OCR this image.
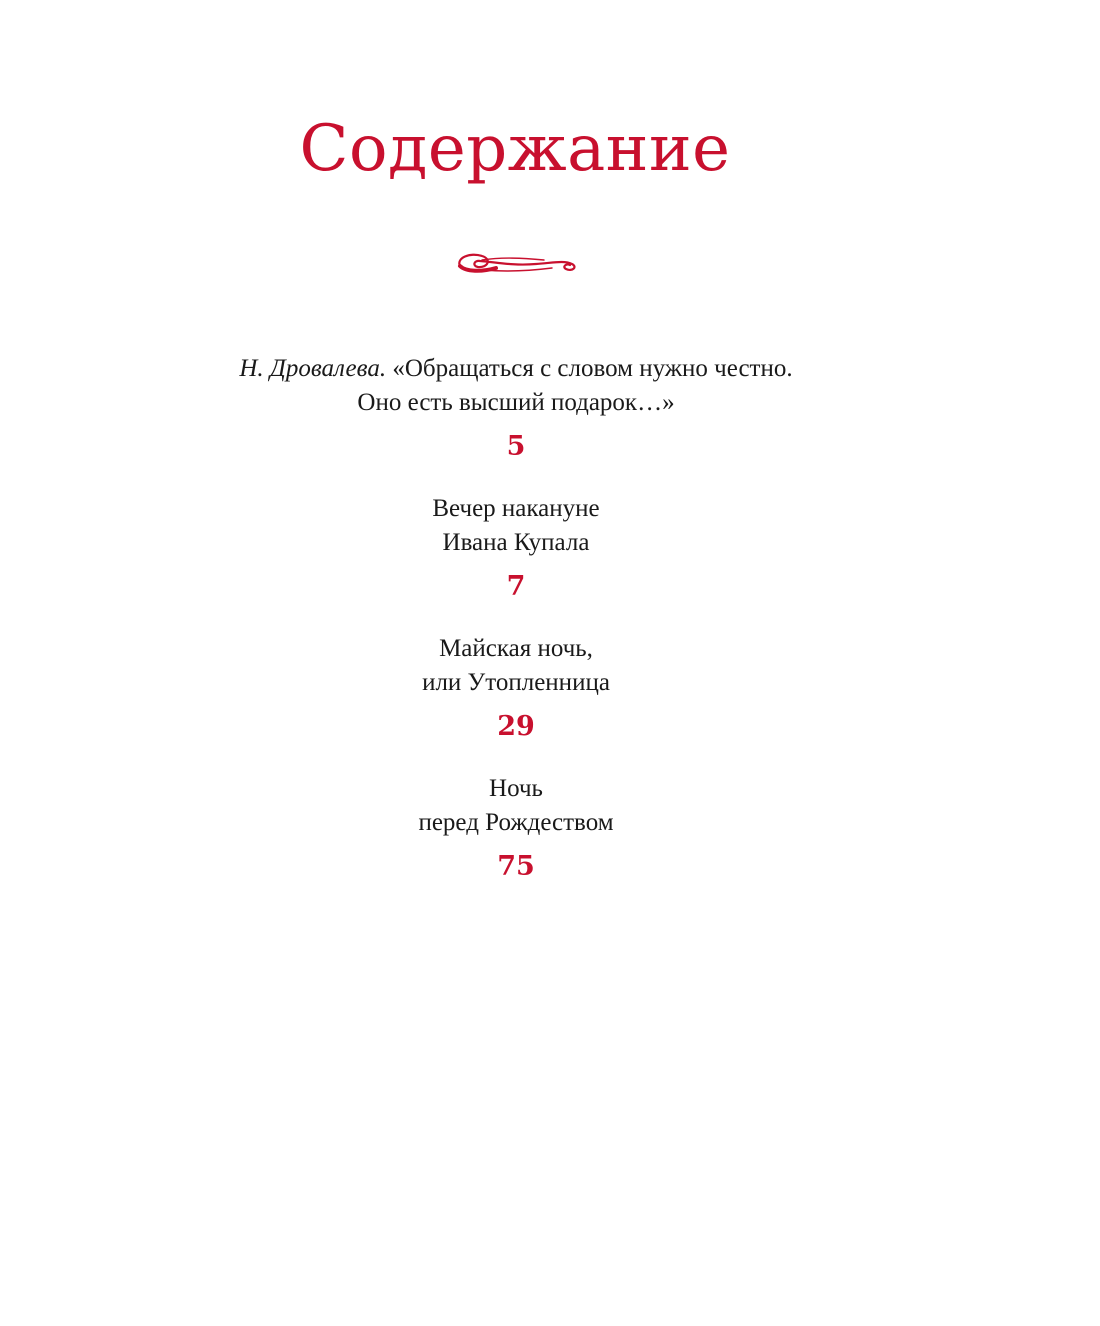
Содержание
Н. Дровалева. «Обращаться с словом нужно честно.
Оно есть высший подарок…»
5
Вечер накануне
Ивана Купала
7
Майская ночь,
или Утопленница
29
Ночь
перед Рождеством
75
